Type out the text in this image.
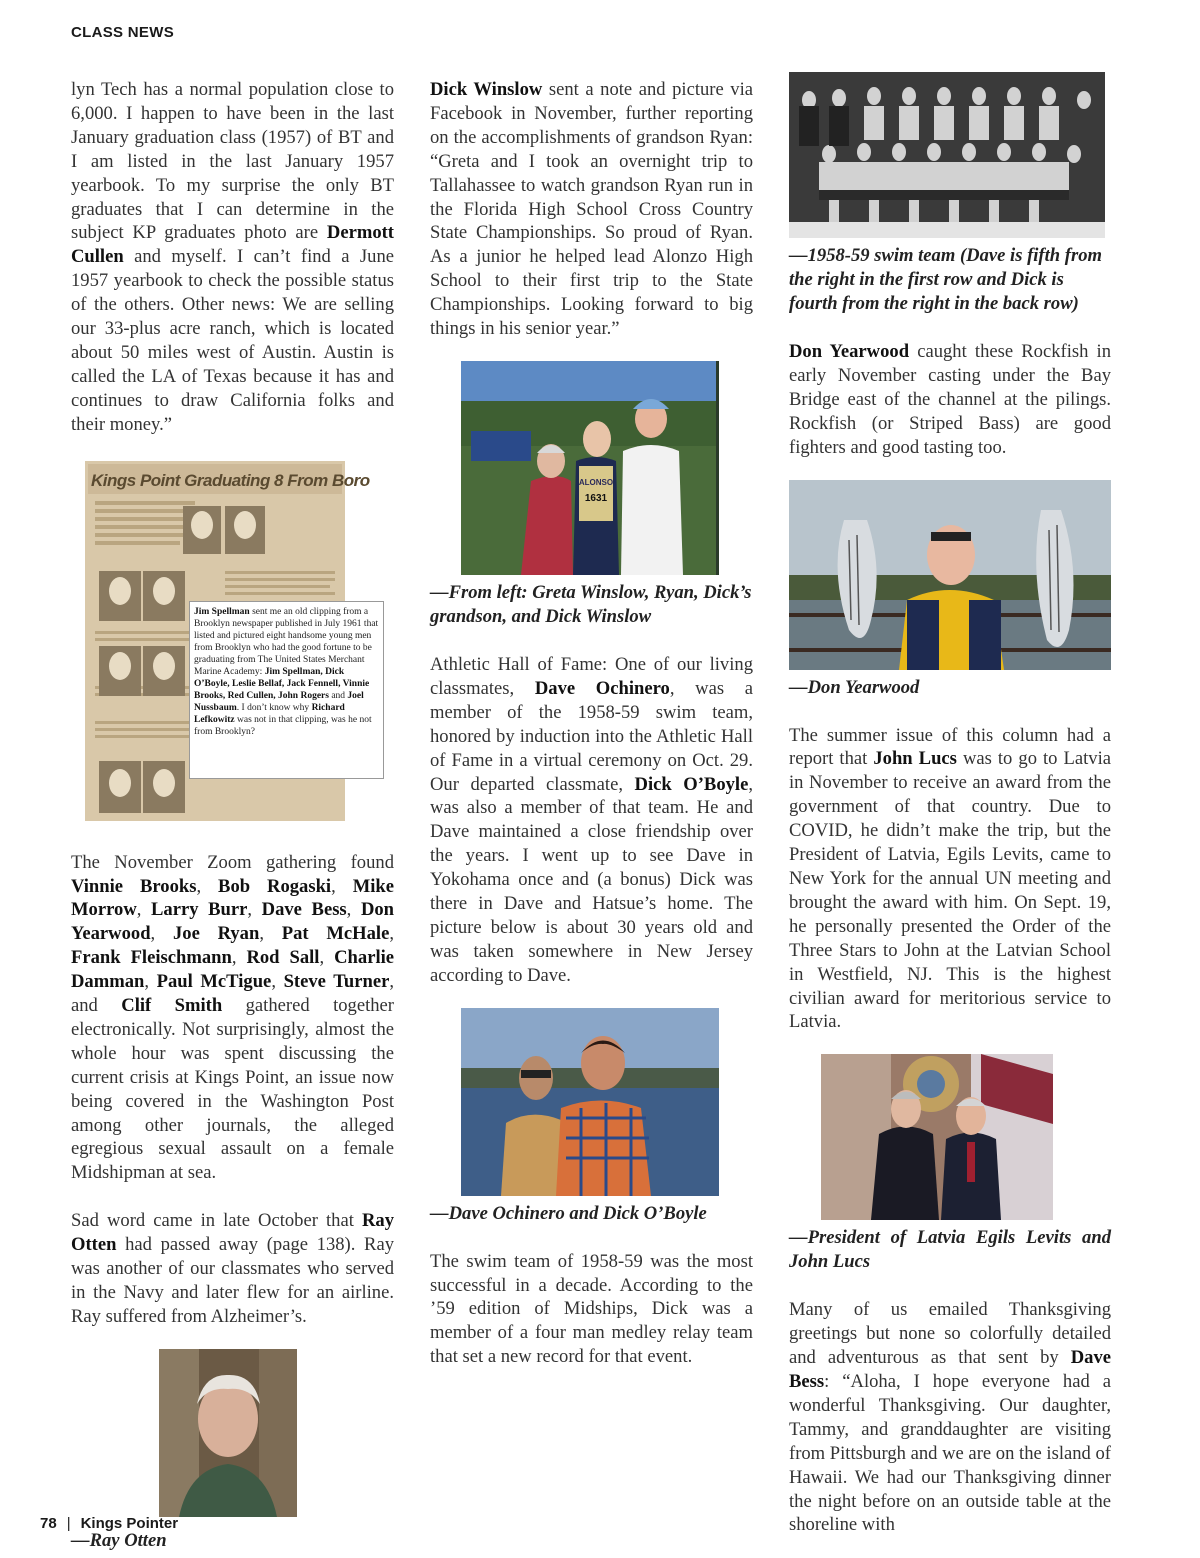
CLASS NEWS

lyn Tech has a normal population close to 6,000. I happen to have been in the last January graduation class (1957) of BT and I am listed in the last January 1957 yearbook. To my surprise the only BT graduates that I can determine in the subject KP graduates photo are Dermott Cullen and myself. I can’t find a June 1957 yearbook to check the possible status of the others. Other news: We are selling our 33-plus acre ranch, which is located about 50 miles west of Austin. Austin is called the LA of Texas because it has and continues to draw California folks and their money.”

Kings Point Graduating 8 From Boro
Jim Spellman sent me an old clipping from a Brooklyn newspaper published in July 1961 that listed and pictured eight handsome young men from Brooklyn who had the good fortune to be graduating from The United States Merchant Marine Academy: Jim Spellman, Dick O’Boyle, Leslie Bellaf, Jack Fennell, Vinnie Brooks, Red Cullen, John Rogers and Joel Nussbaum. I don’t know why Richard Lefkowitz was not in that clipping, was he not from Brooklyn?

The November Zoom gathering found Vinnie Brooks, Bob Rogaski, Mike Morrow, Larry Burr, Dave Bess, Don Yearwood, Joe Ryan, Pat McHale, Frank Fleischmann, Rod Sall, Charlie Damman, Paul McTigue, Steve Turner, and Clif Smith gathered together electronically. Not surprisingly, almost the whole hour was spent discussing the current crisis at Kings Point, an issue now being covered in the Washington Post among other journals, the alleged egregious sexual assault on a female Midshipman at sea.

Sad word came in late October that Ray Otten had passed away (page 138). Ray was another of our classmates who served in the Navy and later flew for an airline. Ray suffered from Alzheimer’s.

—Ray Otten

Dick Winslow sent a note and picture via Facebook in November, further reporting on the accomplishments of grandson Ryan: “Greta and I took an overnight trip to Tallahassee to watch grandson Ryan run in the Florida High School Cross Country State Championships. So proud of Ryan. As a junior he helped lead Alonzo High School to their first trip to the State Championships. Looking forward to big things in his senior year.”

ALONSO
1631

—From left: Greta Winslow, Ryan, Dick’s grandson, and Dick Winslow

Athletic Hall of Fame: One of our living classmates, Dave Ochinero, was a member of the 1958-59 swim team, honored by induction into the Athletic Hall of Fame in a virtual ceremony on Oct. 29. Our departed classmate, Dick O’Boyle, was also a member of that team. He and Dave maintained a close friendship over the years. I went up to see Dave in Yokohama once and (a bonus) Dick was there in Dave and Hatsue’s home. The picture below is about 30 years old and was taken somewhere in New Jersey according to Dave.

—Dave Ochinero and Dick O’Boyle

The swim team of 1958-59 was the most successful in a decade. According to the ’59 edition of Midships, Dick was a member of a four man medley relay team that set a new record for that event.

—1958-59 swim team (Dave is fifth from the right in the first row and Dick is fourth from the right in the back row)

Don Yearwood caught these Rockfish in early November casting under the Bay Bridge east of the channel at the pilings. Rockfish (or Striped Bass) are good fighters and good tasting too.

—Don Yearwood

The summer issue of this column had a report that John Lucs was to go to Latvia in November to receive an award from the government of that country. Due to COVID, he didn’t make the trip, but the President of Latvia, Egils Levits, came to New York for the annual UN meeting and brought the award with him. On Sept. 19, he personally presented the Order of the Three Stars to John at the Latvian School in Westfield, NJ. This is the highest civilian award for meritorious service to Latvia.

—President of Latvia Egils Levits and John Lucs

Many of us emailed Thanksgiving greetings but none so colorfully detailed and adventurous as that sent by Dave Bess: “Aloha, I hope everyone had a wonderful Thanksgiving. Our daughter, Tammy, and granddaughter are visiting from Pittsburgh and we are on the island of Hawaii. We had our Thanksgiving dinner the night before on an outside table at the shoreline with

78 | Kings Pointer
